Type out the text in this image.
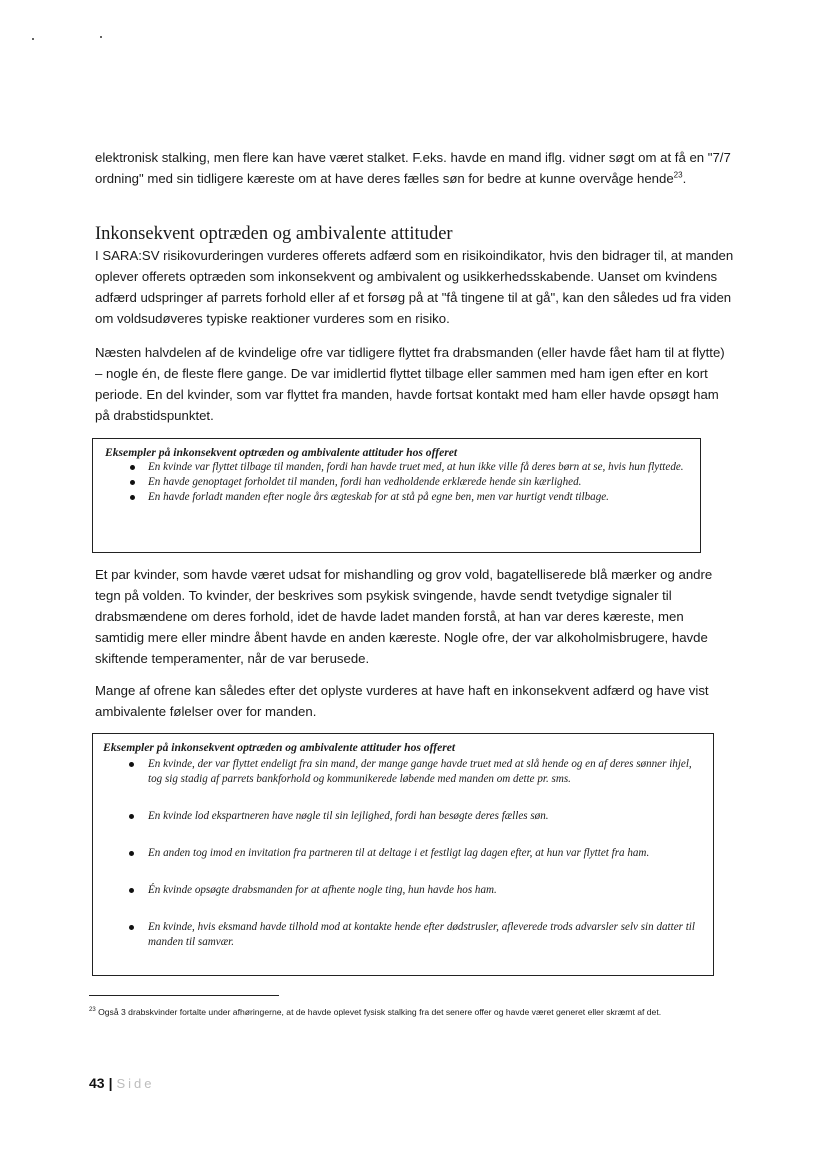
elektronisk stalking, men flere kan have været stalket. F.eks. havde en mand iflg. vidner søgt om at få en "7/7 ordning" med sin tidligere kæreste om at have deres fælles søn for bedre at kunne overvåge hende$^{23}$.

Inkonsekvent optræden og ambivalente attituder

I SARA:SV risikovurderingen vurderes offerets adfærd som en risikoindikator, hvis den bidrager til, at manden oplever offerets optræden som inkonsekvent og ambivalent og usikkerhedsskabende. Uanset om kvindens adfærd udspringer af parrets forhold eller af et forsøg på at "få tingene til at gå", kan den således ud fra viden om voldsudøveres typiske reaktioner vurderes som en risiko.

Næsten halvdelen af de kvindelige ofre var tidligere flyttet fra drabsmanden (eller havde fået ham til at flytte) – nogle én, de fleste flere gange. De var imidlertid flyttet tilbage eller sammen med ham igen efter en kort periode. En del kvinder, som var flyttet fra manden, havde fortsat kontakt med ham eller havde opsøgt ham på drabstidspunktet.

Eksempler på inkonsekvent optræden og ambivalente attituder hos offeret

En kvinde var flyttet tilbage til manden, fordi han havde truet med, at hun ikke ville få deres børn at se, hvis hun flyttede.
En havde genoptaget forholdet til manden, fordi han vedholdende erklærede hende sin kærlighed.
En havde forladt manden efter nogle års ægteskab for at stå på egne ben, men var hurtigt vendt tilbage.

Et par kvinder, som havde været udsat for mishandling og grov vold, bagatelliserede blå mærker og andre tegn på volden. To kvinder, der beskrives som psykisk svingende, havde sendt tvetydige signaler til drabsmændene om deres forhold, idet de havde ladet manden forstå, at han var deres kæreste, men samtidig mere eller mindre åbent havde en anden kæreste. Nogle ofre, der var alkoholmisbrugere, havde skiftende temperamenter, når de var berusede.

Mange af ofrene kan således efter det oplyste vurderes at have haft en inkonsekvent adfærd og have vist ambivalente følelser over for manden.

Eksempler på inkonsekvent optræden og ambivalente attituder hos offeret

En kvinde, der var flyttet endeligt fra sin mand, der mange gange havde truet med at slå hende og en af deres sønner ihjel, tog sig stadig af parrets bankforhold og kommunikerede løbende med manden om dette pr. sms.
En kvinde lod ekspartneren have nøgle til sin lejlighed, fordi han besøgte deres fælles søn.
En anden tog imod en invitation fra partneren til at deltage i et festligt lag dagen efter, at hun var flyttet fra ham.
Én kvinde opsøgte drabsmanden for at afhente nogle ting, hun havde hos ham.
En kvinde, hvis eksmand havde tilhold mod at kontakte hende efter dødstrusler, afleverede trods advarsler selv sin datter til manden til samvær.

$^{23}$ Også 3 drabskvinder fortalte under afhøringerne, at de havde oplevet fysisk stalking fra det senere offer og havde været generet eller skræmt af det.

43 | Side
